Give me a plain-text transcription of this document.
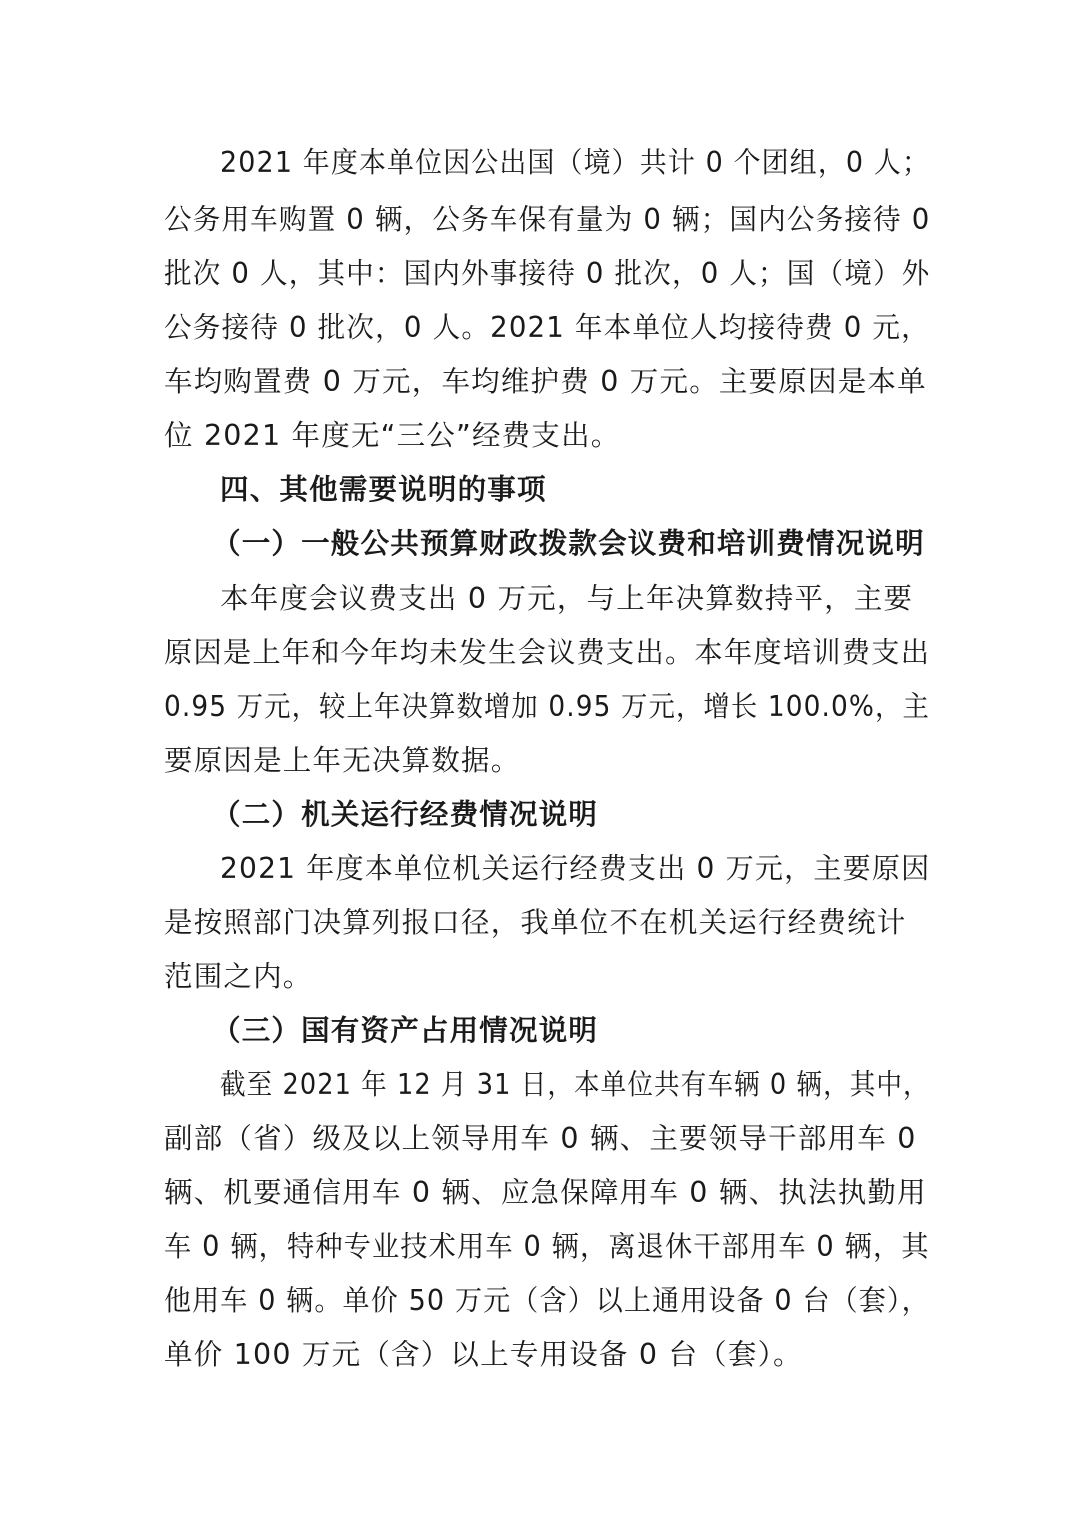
2021 年度本单位因公出国（境）共计 0 个团组，0 人；
公务用车购置 0 辆，公务车保有量为 0 辆；国内公务接待 0
批次 0 人，其中：国内外事接待 0 批次，0 人；国（境）外
公务接待 0 批次，0 人。2021 年本单位人均接待费 0 元，
车均购置费 0 万元，车均维护费 0 万元。主要原因是本单
位 2021 年度无“三公”经费支出。
四、其他需要说明的事项
（一）一般公共预算财政拨款会议费和培训费情况说明
本年度会议费支出 0 万元，与上年决算数持平，主要
原因是上年和今年均未发生会议费支出。本年度培训费支出
0.95 万元，较上年决算数增加 0.95 万元，增长 100.0%，主
要原因是上年无决算数据。
（二）机关运行经费情况说明
2021 年度本单位机关运行经费支出 0 万元，主要原因
是按照部门决算列报口径，我单位不在机关运行经费统计
范围之内。
（三）国有资产占用情况说明
截至 2021 年 12 月 31 日，本单位共有车辆 0 辆，其中，
副部（省）级及以上领导用车 0 辆、主要领导干部用车 0
辆、机要通信用车 0 辆、应急保障用车 0 辆、执法执勤用
车 0 辆，特种专业技术用车 0 辆，离退休干部用车 0 辆，其
他用车 0 辆。单价 50 万元（含）以上通用设备 0 台（套），
单价 100 万元（含）以上专用设备 0 台（套）。
